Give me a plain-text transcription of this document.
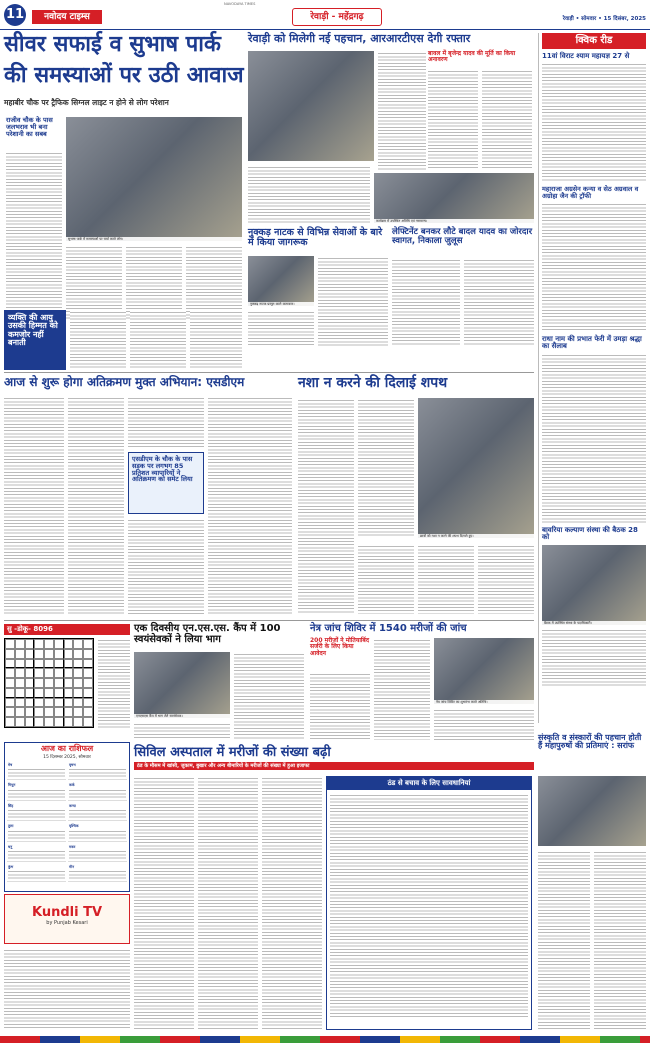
11	नवोदय टाइम्स
NAVODAYA TIMES
रेवाड़ी - महेंद्रगढ़	रेवाड़ी • सोमवार • 15 दिसंबर, 2025
सीवर सफाई व सुभाष पार्क
की समस्याओं पर उठी आवाज
महाबीर चौक पर ट्रैफिक सिग्नल लाइट न होने से लोग परेशान
राजीव चौक के पास जलभराव भी बना परेशानी का सबब
सुभाष पार्क में समस्याओं पर चर्चा करते लोग।
व्यक्ति की आयु उसकी हिम्मत को कमजोर नहीं बनाती
रेवाड़ी को मिलेगी नई पहचान, आरआरटीएस देगी रफ्तार
बावल में बृजेन्द्र यादव की मूर्ति का किया अनावरण
कार्यक्रम में उपस्थित अतिथि एवं गणमान्य।
क्विक रीड
11वां विराट श्याम महायज्ञ 27 से
महाराजा अग्रसेन कन्या व सेठ अग्रवाल व अग्रोहा जैन की ट्रॉफी
राधा नाम की प्रभात फेरी में उमड़ा श्रद्धा का सैलाब
बावरिया कल्याण संस्था की बैठक 28 को
बैठक में उपस्थित संस्था के पदाधिकारी।
नुक्कड़ नाटक से विभिन्न सेवाओं के बारे में किया जागरूक
नुक्कड़ नाटक प्रस्तुत करते कलाकार।
लेफ्टिनेंट बनकर लौटे बादल यादव का जोरदार स्वागत, निकाला जुलूस
आज से शुरू होगा अतिक्रमण मुक्त अभियान: एसडीएम
एसडीएम के चौक के पास सड़क पर लगभग 85 प्रतिशत व्यापारियों ने अतिक्रमण को समेट लिया
नशा न करने की दिलाई शपथ
छात्रों को नशा न करने की शपथ दिलाते हुए।
सु -डोकू- 8096	एक दिवसीय एन.एस.एस. कैंप में 100 स्वयंसेवकों ने लिया भाग
एनएसएस कैंप में भाग लेते स्वयंसेवक।
नेत्र जांच शिविर में 1540 मरीजों की जांच
200 मरीजों ने मोतियाबिंद सर्जरी के लिए किया आवेदन
नेत्र जांच शिविर का शुभारंभ करते अतिथि।
आज का राशिफल
15 दिसम्बर 2025, सोमवार
मेष	वृषभ
मिथुन	कर्क
सिंह	कन्या
तुला	वृश्चिक
धनु	मकर
कुंभ	मीन
Kundli TV
by Punjab Kesari
सिविल अस्पताल में मरीजों की संख्या बढ़ी
ठंड के मौसम में खांसी, जुकाम, बुखार और अन्य बीमारियों के मरीजों की संख्या में हुआ इजाफा
ठंड से बचाव के लिए सावधानियां
संस्कृति व संस्कारों की पहचान होती हैं महापुरुषों की प्रतिमाएं : सरांफ
